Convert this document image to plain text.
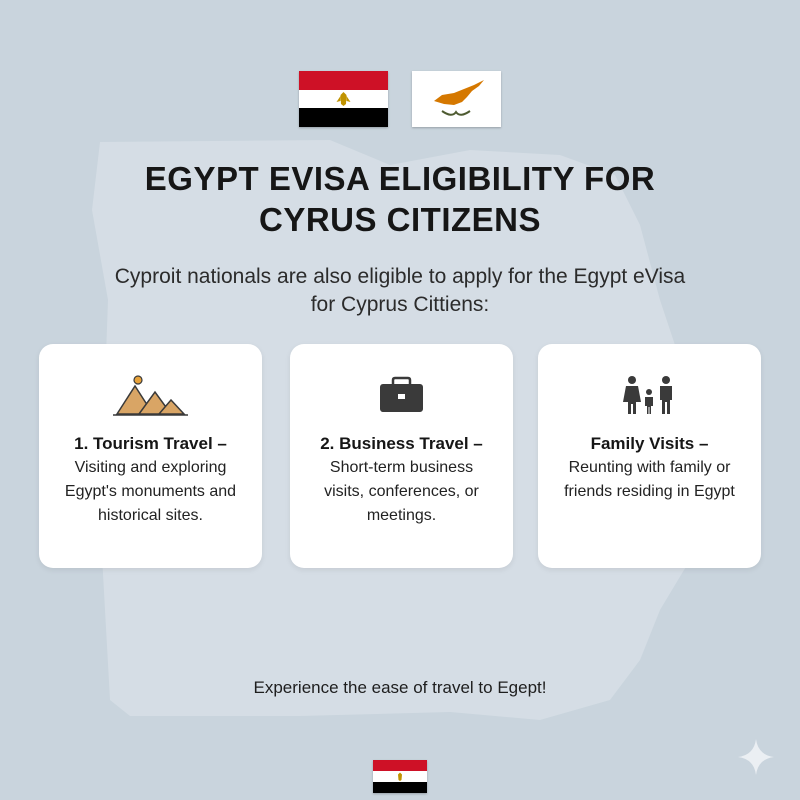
EGYPT EVISA ELIGIBILITY FOR
CYRUS CITIZENS
Cyproit nationals are also eligible to apply for the Egypt eVisa
for Cyprus Cittiens:
1. Tourism Travel –
Visiting and exploring
Egypt's monuments and
historical sites.
2. Business Travel –
Short-term business
visits, conferences, or
meetings.
Family Visits –
Reunting with family or
friends residing in Egypt
Experience the ease of travel to Egept!
